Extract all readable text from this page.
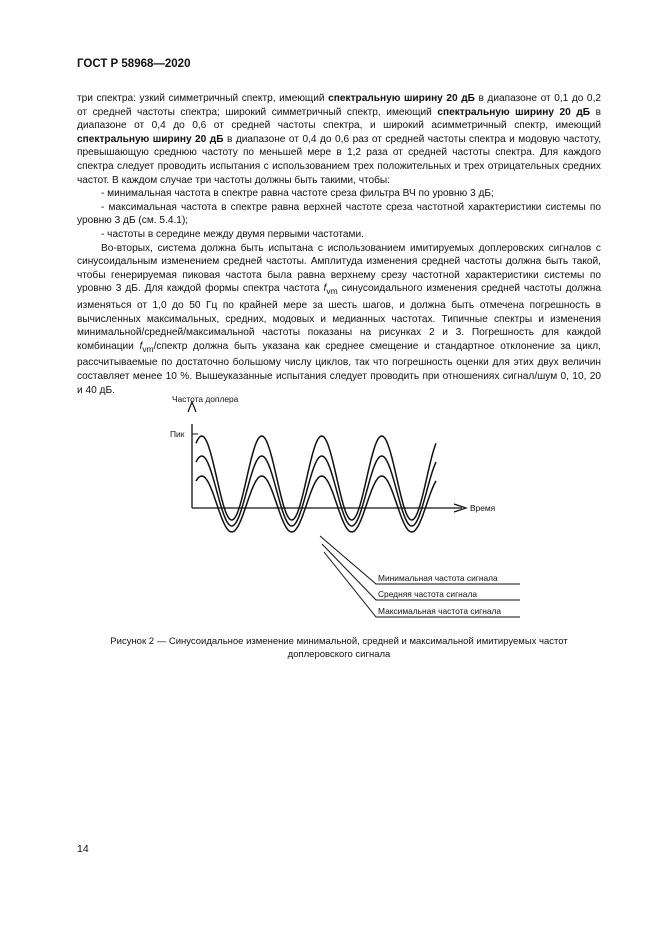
ГОСТ Р 58968—2020

три спектра: узкий симметричный спектр, имеющий спектральную ширину 20 дБ в диапазоне от 0,1 до 0,2 от средней частоты спектра; широкий симметричный спектр, имеющий спектральную ширину 20 дБ в диапазоне от 0,4 до 0,6 от средней частоты спектра, и широкий асимметричный спектр, имеющий спектральную ширину 20 дБ в диапазоне от 0,4 до 0,6 раз от средней частоты спектра и модовую частоту, превышающую среднюю частоту по меньшей мере в 1,2 раза от средней частоты спектра. Для каждого спектра следует проводить испытания с использованием трех положительных и трех отрицательных средних частот. В каждом случае три частоты должны быть такими, чтобы:

- минимальная частота в спектре равна частоте среза фильтра ВЧ по уровню 3 дБ;

- максимальная частота в спектре равна верхней частоте среза частотной характеристики системы по уровню 3 дБ (см. 5.4.1);

- частоты в середине между двумя первыми частотами.

Во-вторых, система должна быть испытана с использованием имитируемых доплеровских сигналов с синусоидальным изменением средней частоты. Амплитуда изменения средней частоты должна быть такой, чтобы генерируемая пиковая частота была равна верхнему срезу частотной характеристики системы по уровню 3 дБ. Для каждой формы спектра частота $f_{vm}$ синусоидального изменения средней частоты должна изменяться от 1,0 до 50 Гц по крайней мере за шесть шагов, и должна быть отмечена погрешность в вычисленных максимальных, средних, модовых и медианных частотах. Типичные спектры и изменения минимальной/средней/максимальной частоты показаны на рисунках 2 и 3. Погрешность для каждой комбинации $f_{vm}$/спектр должна быть указана как среднее смещение и стандартное отклонение за цикл, рассчитываемые по достаточно большому числу циклов, так что погрешность оценки для этих двух величин составляет менее 10 %. Вышеуказанные испытания следует проводить при отношениях сигнал/шум 0, 10, 20 и 40 дБ.

Частота доплера
Пик
Время
Минимальная частота сигнала
Средняя частота сигнала
Максимальная частота сигнала
Рисунок 2 — Синусоидальное изменение минимальной, средней и максимальной имитируемых частот
доплеровского сигнала
14
